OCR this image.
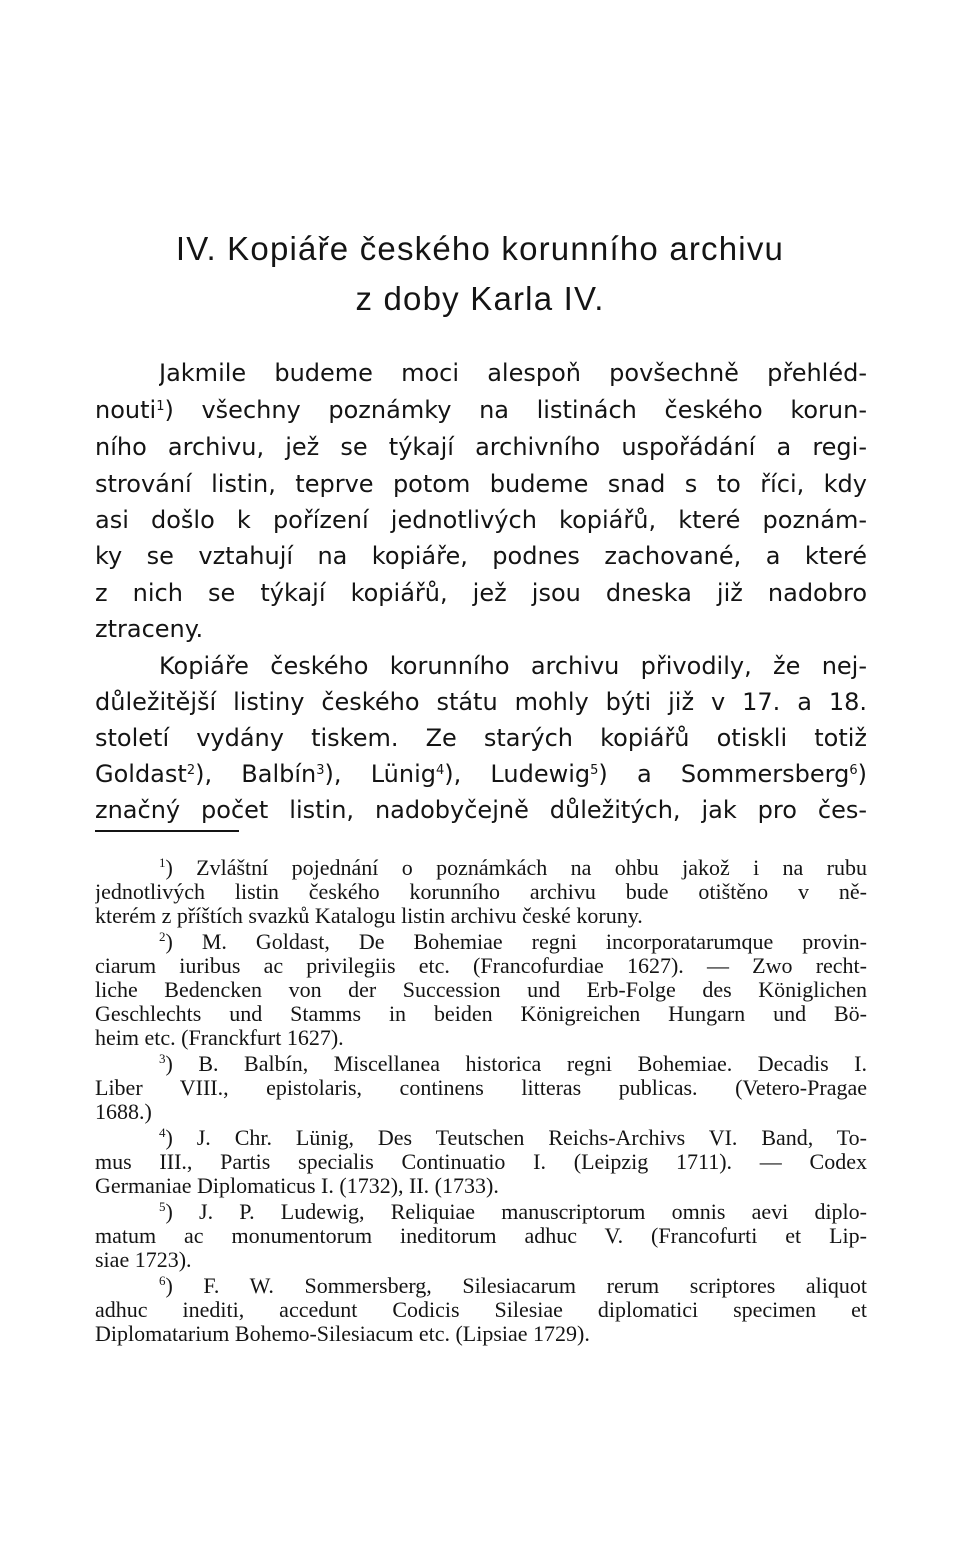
IV. Kopiáře českého korunního archivu
z doby Karla IV.
Jakmile budeme moci alespoň povšechně přehléd-
nouti$^1$) všechny poznámky na listinách českého korun-
ního archivu, jež se týkají archivního uspořádání a regi-
strování listin, teprve potom budeme snad s to říci, kdy
asi došlo k pořízení jednotlivých kopiářů, které poznám-
ky se vztahují na kopiáře, podnes zachované, a které
z nich se týkají kopiářů, jež jsou dneska již nadobro
ztraceny.
Kopiáře českého korunního archivu přivodily, že nej-
důležitější listiny českého státu mohly býti již v 17. a 18.
století vydány tiskem. Ze starých kopiářů otiskli totiž
Goldast$^2$), Balbín$^3$), Lünig$^4$), Ludewig$^5$) a Sommersberg$^6$)
značný počet listin, nadobyčejně důležitých, jak pro čes-
$^1$) Zvláštní pojednání o poznámkách na ohbu jakož i na rubu
jednotlivých listin českého korunního archivu bude otištěno v ně-
kterém z příštích svazků Katalogu listin archivu české koruny.
$^2$) M. Goldast, De Bohemiae regni incorporatarumque provin-
ciarum iuribus ac privilegiis etc. (Francofurdiae 1627). — Zwo recht-
liche Bedencken von der Succession und Erb-Folge des Königlichen
Geschlechts und Stamms in beiden Königreichen Hungarn und Bö-
heim etc. (Franckfurt 1627).
$^3$) B. Balbín, Miscellanea historica regni Bohemiae. Decadis I.
Liber VIII., epistolaris, continens litteras publicas. (Vetero-Pragae
1688.)
$^4$) J. Chr. Lünig, Des Teutschen Reichs-Archivs VI. Band, To-
mus III., Partis specialis Continuatio I. (Leipzig 1711). — Codex
Germaniae Diplomaticus I. (1732), II. (1733).
$^5$) J. P. Ludewig, Reliquiae manuscriptorum omnis aevi diplo-
matum ac monumentorum ineditorum adhuc V. (Francofurti et Lip-
siae 1723).
$^6$) F. W. Sommersberg, Silesiacarum rerum scriptores aliquot
adhuc inediti, accedunt Codicis Silesiae diplomatici specimen et
Diplomatarium Bohemo-Silesiacum etc. (Lipsiae 1729).
